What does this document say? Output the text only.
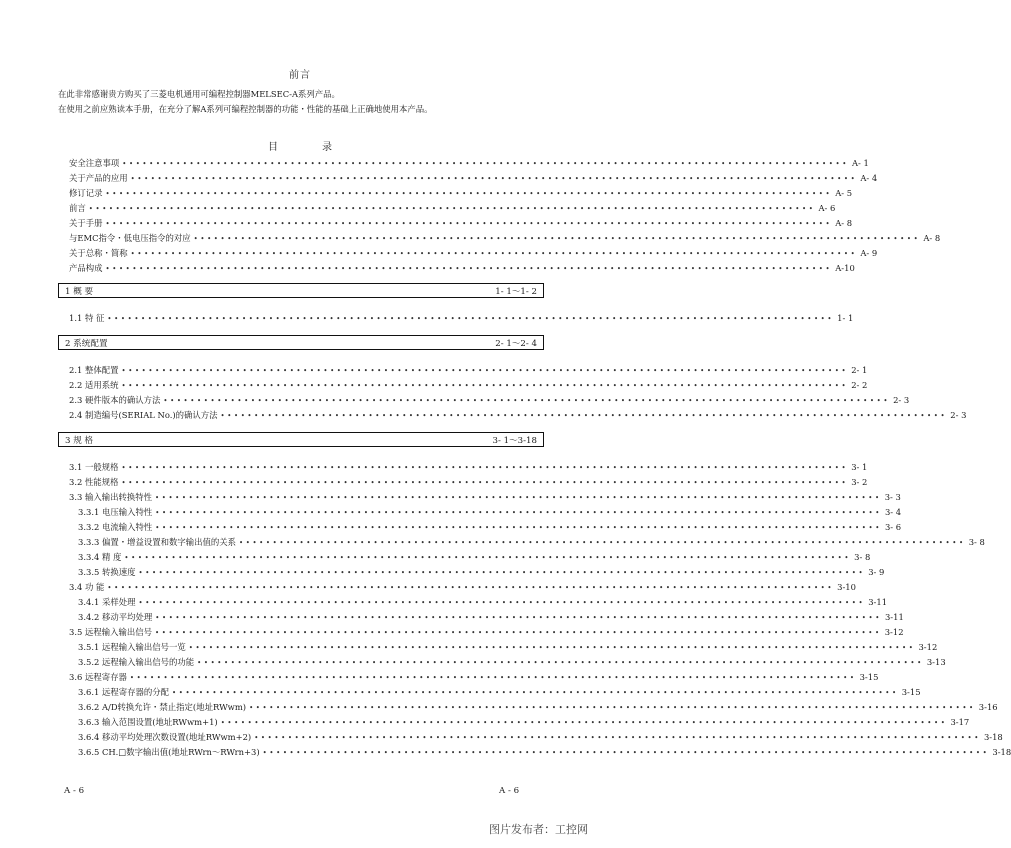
前言
在此非常感谢贵方购买了三菱电机通用可编程控制器MELSEC-A系列产品。
在使用之前应熟读本手册，在充分了解A系列可编程控制器的功能・性能的基础上正确地使用本产品。
目	录
安全注意事项 •••••••••••••••••••••••••••••••••••••••••••••••••••••••••••••••••••••••••••••••••••••••••••••••••••••••••••• A- 1
关于产品的应用 •••••••••••••••••••••••••••••••••••••••••••••••••••••••••••••••••••••••••••••••••••••••••••••••••••••••••••• A- 4
修订记录 •••••••••••••••••••••••••••••••••••••••••••••••••••••••••••••••••••••••••••••••••••••••••••••••••••••••••••• A- 5
前言 •••••••••••••••••••••••••••••••••••••••••••••••••••••••••••••••••••••••••••••••••••••••••••••••••••••••••••• A- 6
关于手册 •••••••••••••••••••••••••••••••••••••••••••••••••••••••••••••••••••••••••••••••••••••••••••••••••••••••••••• A- 8
与EMC指令・低电压指令的对应 •••••••••••••••••••••••••••••••••••••••••••••••••••••••••••••••••••••••••••••••••••••••••••••••••••••••••••• A- 8
关于总称・简称 •••••••••••••••••••••••••••••••••••••••••••••••••••••••••••••••••••••••••••••••••••••••••••••••••••••••••••• A- 9
产品构成 •••••••••••••••••••••••••••••••••••••••••••••••••••••••••••••••••••••••••••••••••••••••••••••••••••••••••••• A-10
1 概 要	1- 1～1- 2
1.1 特 征 •••••••••••••••••••••••••••••••••••••••••••••••••••••••••••••••••••••••••••••••••••••••••••••••••••••••••••• 1- 1
2 系统配置	2- 1～2- 4
2.1 整体配置 •••••••••••••••••••••••••••••••••••••••••••••••••••••••••••••••••••••••••••••••••••••••••••••••••••••••••••• 2- 1
2.2 适用系统 •••••••••••••••••••••••••••••••••••••••••••••••••••••••••••••••••••••••••••••••••••••••••••••••••••••••••••• 2- 2
2.3 硬件版本的确认方法 •••••••••••••••••••••••••••••••••••••••••••••••••••••••••••••••••••••••••••••••••••••••••••••••••••••••••••• 2- 3
2.4 制造编号(SERIAL No.)的确认方法 •••••••••••••••••••••••••••••••••••••••••••••••••••••••••••••••••••••••••••••••••••••••••••••••••••••••••••• 2- 3
3 规 格	3- 1～3-18
3.1 一般规格 •••••••••••••••••••••••••••••••••••••••••••••••••••••••••••••••••••••••••••••••••••••••••••••••••••••••••••• 3- 1
3.2 性能规格 •••••••••••••••••••••••••••••••••••••••••••••••••••••••••••••••••••••••••••••••••••••••••••••••••••••••••••• 3- 2
3.3 输入输出转换特性 •••••••••••••••••••••••••••••••••••••••••••••••••••••••••••••••••••••••••••••••••••••••••••••••••••••••••••• 3- 3
3.3.1 电压输入特性 •••••••••••••••••••••••••••••••••••••••••••••••••••••••••••••••••••••••••••••••••••••••••••••••••••••••••••• 3- 4
3.3.2 电流输入特性 •••••••••••••••••••••••••••••••••••••••••••••••••••••••••••••••••••••••••••••••••••••••••••••••••••••••••••• 3- 6
3.3.3 偏置・增益设置和数字输出值的关系 •••••••••••••••••••••••••••••••••••••••••••••••••••••••••••••••••••••••••••••••••••••••••••••••••••••••••••• 3- 8
3.3.4 精 度 •••••••••••••••••••••••••••••••••••••••••••••••••••••••••••••••••••••••••••••••••••••••••••••••••••••••••••• 3- 8
3.3.5 转换速度 •••••••••••••••••••••••••••••••••••••••••••••••••••••••••••••••••••••••••••••••••••••••••••••••••••••••••••• 3- 9
3.4 功 能 •••••••••••••••••••••••••••••••••••••••••••••••••••••••••••••••••••••••••••••••••••••••••••••••••••••••••••• 3-10
3.4.1 采样处理 •••••••••••••••••••••••••••••••••••••••••••••••••••••••••••••••••••••••••••••••••••••••••••••••••••••••••••• 3-11
3.4.2 移动平均处理 •••••••••••••••••••••••••••••••••••••••••••••••••••••••••••••••••••••••••••••••••••••••••••••••••••••••••••• 3-11
3.5 远程输入输出信号 •••••••••••••••••••••••••••••••••••••••••••••••••••••••••••••••••••••••••••••••••••••••••••••••••••••••••••• 3-12
3.5.1 远程输入输出信号一览 •••••••••••••••••••••••••••••••••••••••••••••••••••••••••••••••••••••••••••••••••••••••••••••••••••••••••••• 3-12
3.5.2 远程输入输出信号的功能 •••••••••••••••••••••••••••••••••••••••••••••••••••••••••••••••••••••••••••••••••••••••••••••••••••••••••••• 3-13
3.6 远程寄存器 •••••••••••••••••••••••••••••••••••••••••••••••••••••••••••••••••••••••••••••••••••••••••••••••••••••••••••• 3-15
3.6.1 远程寄存器的分配 •••••••••••••••••••••••••••••••••••••••••••••••••••••••••••••••••••••••••••••••••••••••••••••••••••••••••••• 3-15
3.6.2 A/D转换允许・禁止指定(地址RWwm) •••••••••••••••••••••••••••••••••••••••••••••••••••••••••••••••••••••••••••••••••••••••••••••••••••••••••••• 3-16
3.6.3 输入范围设置(地址RWwm+1) •••••••••••••••••••••••••••••••••••••••••••••••••••••••••••••••••••••••••••••••••••••••••••••••••••••••••••• 3-17
3.6.4 移动平均处理次数设置(地址RWwm+2) •••••••••••••••••••••••••••••••••••••••••••••••••••••••••••••••••••••••••••••••••••••••••••••••••••••••••••• 3-18
3.6.5 CH.□数字输出值(地址RWrn～RWrn+3) •••••••••••••••••••••••••••••••••••••••••••••••••••••••••••••••••••••••••••••••••••••••••••••••••••••••••••• 3-18
A - 6	A - 6
图片发布者：工控网
